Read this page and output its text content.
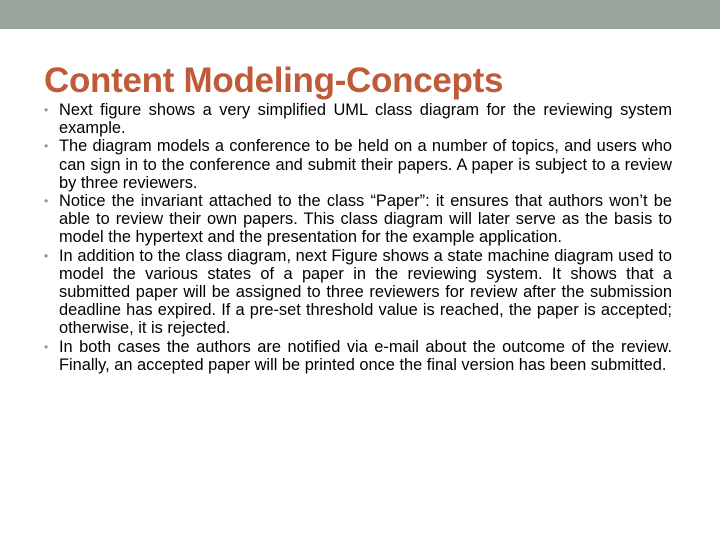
Content Modeling-Concepts
• Next figure shows a very simplified UML class diagram for the reviewing system example.
• The diagram models a conference to be held on a number of topics, and users who can sign in to the conference and submit their papers. A paper is subject to a review by three reviewers.
• Notice the invariant attached to the class “Paper”: it ensures that authors won’t be able to review their own papers. This class diagram will later serve as the basis to model the hypertext and the presentation for the example application.
• In addition to the class diagram, next Figure shows a state machine diagram used to model the various states of a paper in the reviewing system. It shows that a submitted paper will be assigned to three reviewers for review after the submission deadline has expired. If a pre-set threshold value is reached, the paper is accepted; otherwise, it is rejected.
• In both cases the authors are notified via e-mail about the outcome of the review. Finally, an accepted paper will be printed once the final version has been submitted.
